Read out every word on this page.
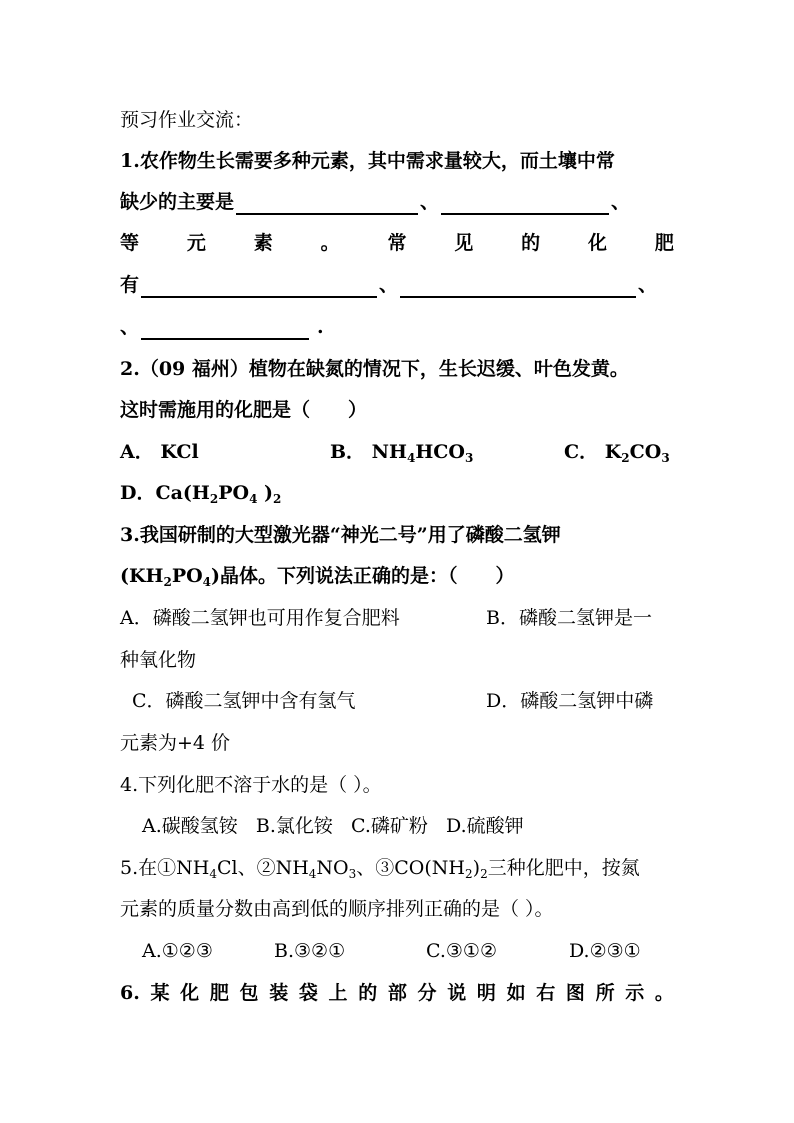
预习作业交流：
1.农作物生长需要多种元素，其中需求量较大，而土壤中常
缺少的主要是	、	、
等	元	素	。	常	见	的	化	肥
有	、	、
、	.
2.（09 福州）植物在缺氮的情况下，生长迟缓、叶色发黄。
这时需施用的化肥是（　　）
A． KCl	B． $NH_4HCO_3$	C． $K_2CO_3$
D．$Ca(H_2PO_4$ )$_2$
3.我国研制的大型激光器“神光二号”用了磷酸二氢钾
$(KH_2PO_4)$晶体。下列说法正确的是：（　　）
A．磷酸二氢钾也可用作复合肥料	B．磷酸二氢钾是一
种氧化物
C．磷酸二氢钾中含有氢气	D．磷酸二氢钾中磷
元素为+4 价
4.下列化肥不溶于水的是（ ）。
A.碳酸氢铵   B.氯化铵   C.磷矿粉   D.硫酸钾
5.在$①NH_4Cl$、$②NH_4NO_3$、$③CO(NH_2)_2$三种化肥中，按氮
元素的质量分数由高到低的顺序排列正确的是（ ）。
A.①②③	B.③②①	C.③①②	D.②③①
6. 某 化 肥 包 装 袋 上 的 部 分 说 明 如 右 图 所 示 。
